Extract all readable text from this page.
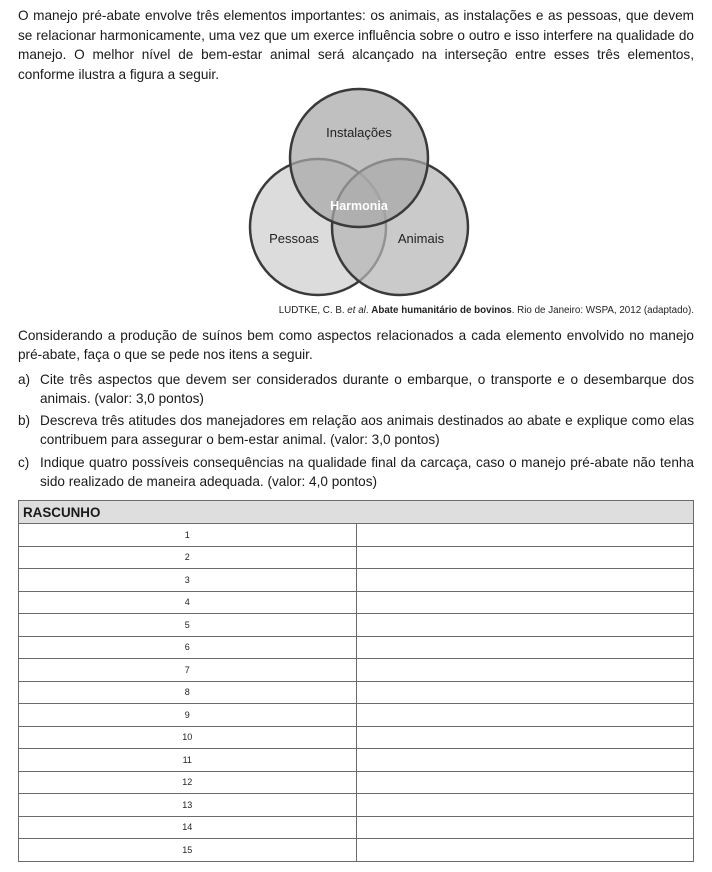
O manejo pré-abate envolve três elementos importantes: os animais, as instalações e as pessoas, que devem se relacionar harmonicamente, uma vez que um exerce influência sobre o outro e isso interfere na qualidade do manejo. O melhor nível de bem-estar animal será alcançado na interseção entre esses três elementos, conforme ilustra a figura a seguir.
Instalações
Pessoas	Animais
Harmonia
LUDTKE, C. B. et al. Abate humanitário de bovinos. Rio de Janeiro: WSPA, 2012 (adaptado).
Considerando a produção de suínos bem como aspectos relacionados a cada elemento envolvido no manejo pré-abate, faça o que se pede nos itens a seguir.
a) Cite três aspectos que devem ser considerados durante o embarque, o transporte e o desembarque dos animais. (valor: 3,0 pontos)
b) Descreva três atitudes dos manejadores em relação aos animais destinados ao abate e explique como elas contribuem para assegurar o bem-estar animal. (valor: 3,0 pontos)
c) Indique quatro possíveis consequências na qualidade final da carcaça, caso o manejo pré-abate não tenha sido realizado de maneira adequada. (valor: 4,0 pontos)
RASCUNHO	
1	
2	
3	
4	
5	
6	
7	
8	
9	
10	
11	
12	
13	
14	
15	
